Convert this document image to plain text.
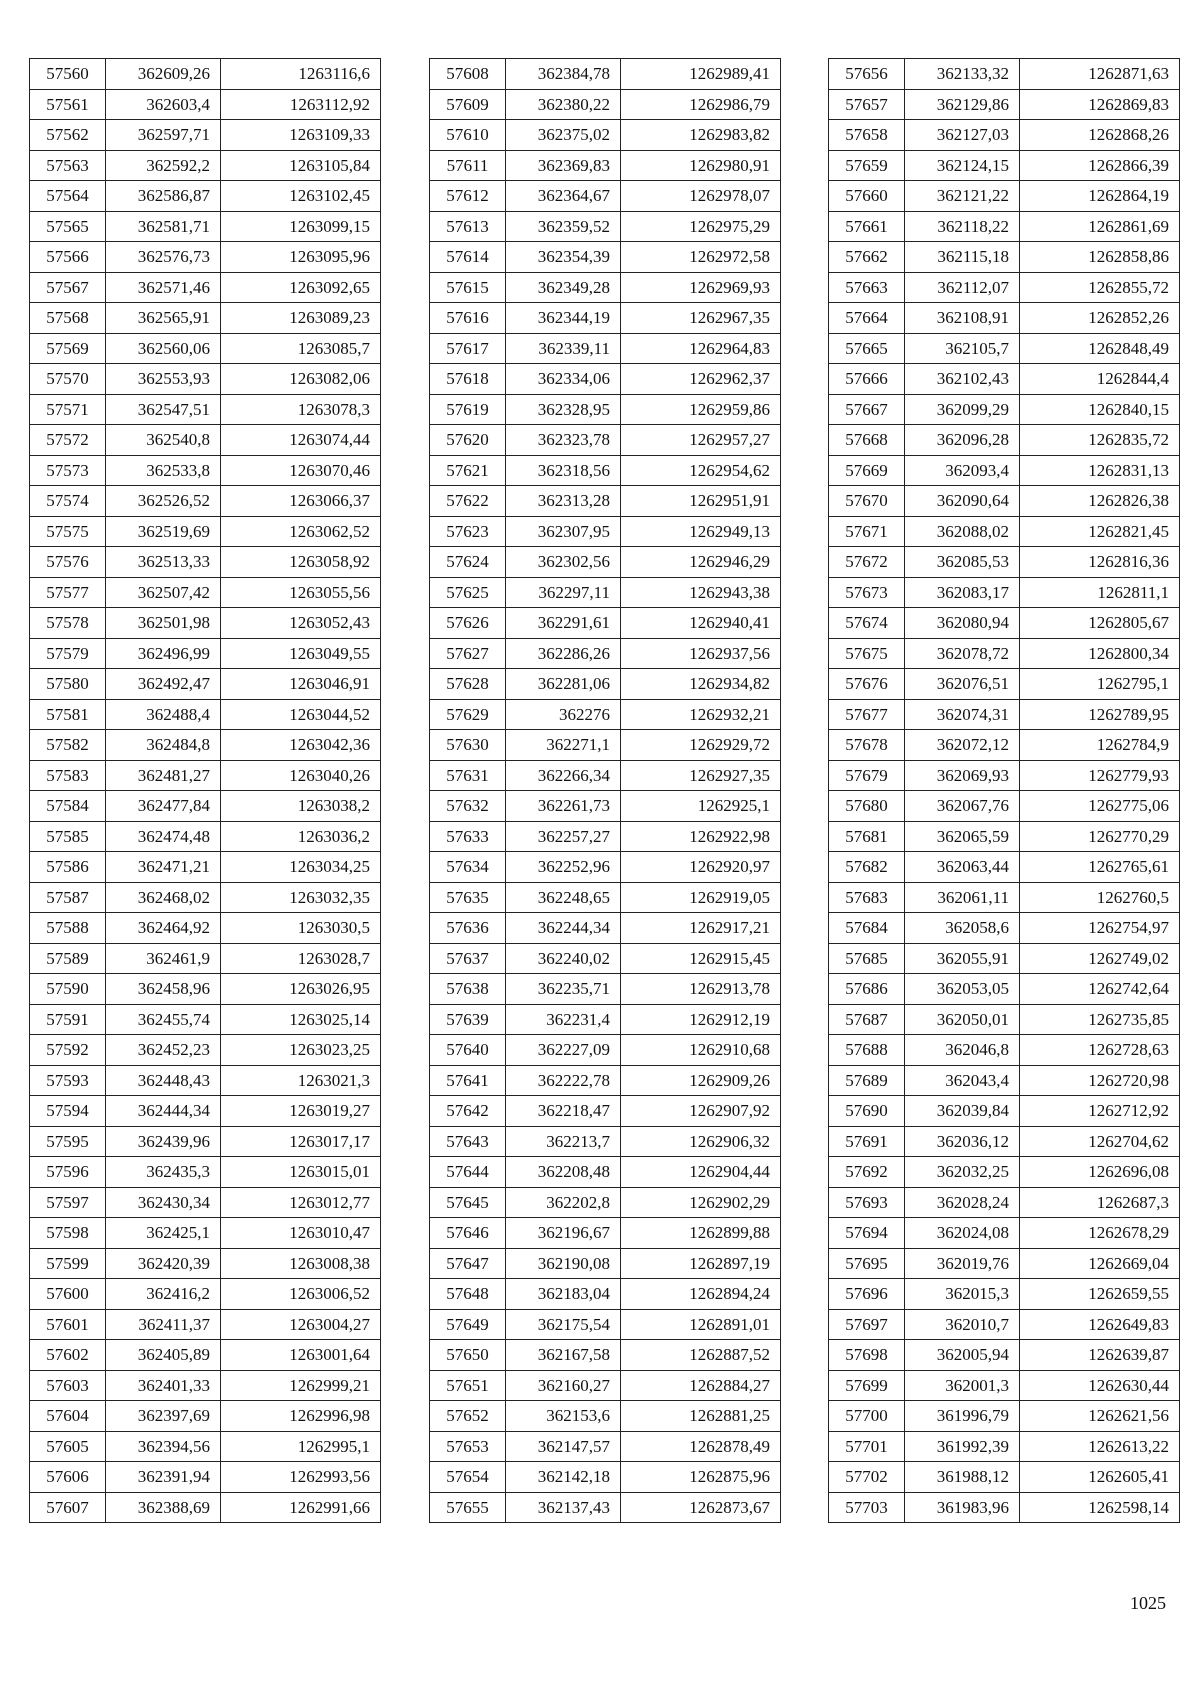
57560	362609,26	1263116,6
57561	362603,4	1263112,92
57562	362597,71	1263109,33
57563	362592,2	1263105,84
57564	362586,87	1263102,45
57565	362581,71	1263099,15
57566	362576,73	1263095,96
57567	362571,46	1263092,65
57568	362565,91	1263089,23
57569	362560,06	1263085,7
57570	362553,93	1263082,06
57571	362547,51	1263078,3
57572	362540,8	1263074,44
57573	362533,8	1263070,46
57574	362526,52	1263066,37
57575	362519,69	1263062,52
57576	362513,33	1263058,92
57577	362507,42	1263055,56
57578	362501,98	1263052,43
57579	362496,99	1263049,55
57580	362492,47	1263046,91
57581	362488,4	1263044,52
57582	362484,8	1263042,36
57583	362481,27	1263040,26
57584	362477,84	1263038,2
57585	362474,48	1263036,2
57586	362471,21	1263034,25
57587	362468,02	1263032,35
57588	362464,92	1263030,5
57589	362461,9	1263028,7
57590	362458,96	1263026,95
57591	362455,74	1263025,14
57592	362452,23	1263023,25
57593	362448,43	1263021,3
57594	362444,34	1263019,27
57595	362439,96	1263017,17
57596	362435,3	1263015,01
57597	362430,34	1263012,77
57598	362425,1	1263010,47
57599	362420,39	1263008,38
57600	362416,2	1263006,52
57601	362411,37	1263004,27
57602	362405,89	1263001,64
57603	362401,33	1262999,21
57604	362397,69	1262996,98
57605	362394,56	1262995,1
57606	362391,94	1262993,56
57607	362388,69	1262991,66
57608	362384,78	1262989,41
57609	362380,22	1262986,79
57610	362375,02	1262983,82
57611	362369,83	1262980,91
57612	362364,67	1262978,07
57613	362359,52	1262975,29
57614	362354,39	1262972,58
57615	362349,28	1262969,93
57616	362344,19	1262967,35
57617	362339,11	1262964,83
57618	362334,06	1262962,37
57619	362328,95	1262959,86
57620	362323,78	1262957,27
57621	362318,56	1262954,62
57622	362313,28	1262951,91
57623	362307,95	1262949,13
57624	362302,56	1262946,29
57625	362297,11	1262943,38
57626	362291,61	1262940,41
57627	362286,26	1262937,56
57628	362281,06	1262934,82
57629	362276	1262932,21
57630	362271,1	1262929,72
57631	362266,34	1262927,35
57632	362261,73	1262925,1
57633	362257,27	1262922,98
57634	362252,96	1262920,97
57635	362248,65	1262919,05
57636	362244,34	1262917,21
57637	362240,02	1262915,45
57638	362235,71	1262913,78
57639	362231,4	1262912,19
57640	362227,09	1262910,68
57641	362222,78	1262909,26
57642	362218,47	1262907,92
57643	362213,7	1262906,32
57644	362208,48	1262904,44
57645	362202,8	1262902,29
57646	362196,67	1262899,88
57647	362190,08	1262897,19
57648	362183,04	1262894,24
57649	362175,54	1262891,01
57650	362167,58	1262887,52
57651	362160,27	1262884,27
57652	362153,6	1262881,25
57653	362147,57	1262878,49
57654	362142,18	1262875,96
57655	362137,43	1262873,67
57656	362133,32	1262871,63
57657	362129,86	1262869,83
57658	362127,03	1262868,26
57659	362124,15	1262866,39
57660	362121,22	1262864,19
57661	362118,22	1262861,69
57662	362115,18	1262858,86
57663	362112,07	1262855,72
57664	362108,91	1262852,26
57665	362105,7	1262848,49
57666	362102,43	1262844,4
57667	362099,29	1262840,15
57668	362096,28	1262835,72
57669	362093,4	1262831,13
57670	362090,64	1262826,38
57671	362088,02	1262821,45
57672	362085,53	1262816,36
57673	362083,17	1262811,1
57674	362080,94	1262805,67
57675	362078,72	1262800,34
57676	362076,51	1262795,1
57677	362074,31	1262789,95
57678	362072,12	1262784,9
57679	362069,93	1262779,93
57680	362067,76	1262775,06
57681	362065,59	1262770,29
57682	362063,44	1262765,61
57683	362061,11	1262760,5
57684	362058,6	1262754,97
57685	362055,91	1262749,02
57686	362053,05	1262742,64
57687	362050,01	1262735,85
57688	362046,8	1262728,63
57689	362043,4	1262720,98
57690	362039,84	1262712,92
57691	362036,12	1262704,62
57692	362032,25	1262696,08
57693	362028,24	1262687,3
57694	362024,08	1262678,29
57695	362019,76	1262669,04
57696	362015,3	1262659,55
57697	362010,7	1262649,83
57698	362005,94	1262639,87
57699	362001,3	1262630,44
57700	361996,79	1262621,56
57701	361992,39	1262613,22
57702	361988,12	1262605,41
57703	361983,96	1262598,14
1025
